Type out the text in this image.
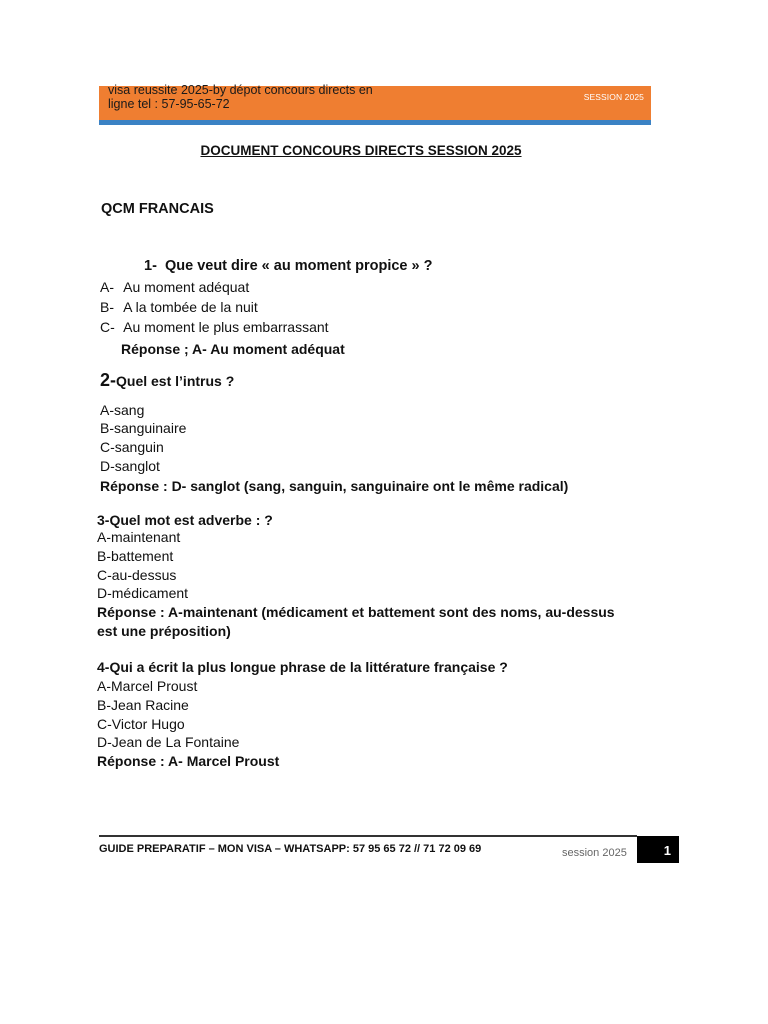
visa reussite 2025-by dépot concours directs en ligne tel : 57-95-65-72	SESSION 2025
DOCUMENT CONCOURS DIRECTS SESSION 2025
QCM FRANCAIS
1- Que veut dire « au moment propice » ?
A- Au moment adéquat
B- A la tombée de la nuit
C- Au moment le plus embarrassant
Réponse ; A- Au moment adéquat
2-Quel est l’intrus ?
A-sang
B-sanguinaire
C-sanguin
D-sanglot
Réponse : D- sanglot (sang, sanguin, sanguinaire ont le même radical)
3-Quel mot est adverbe : ?
A-maintenant
B-battement
C-au-dessus
D-médicament
Réponse : A-maintenant (médicament et battement sont des noms, au-dessus
est une préposition)
4-Qui a écrit la plus longue phrase de la littérature française ?
A-Marcel Proust
B-Jean Racine
C-Victor Hugo
D-Jean de La Fontaine
Réponse : A- Marcel Proust
GUIDE PREPARATIF – MON VISA – WHATSAPP: 57 95 65 72 // 71 72 09 69	session 2025	1
